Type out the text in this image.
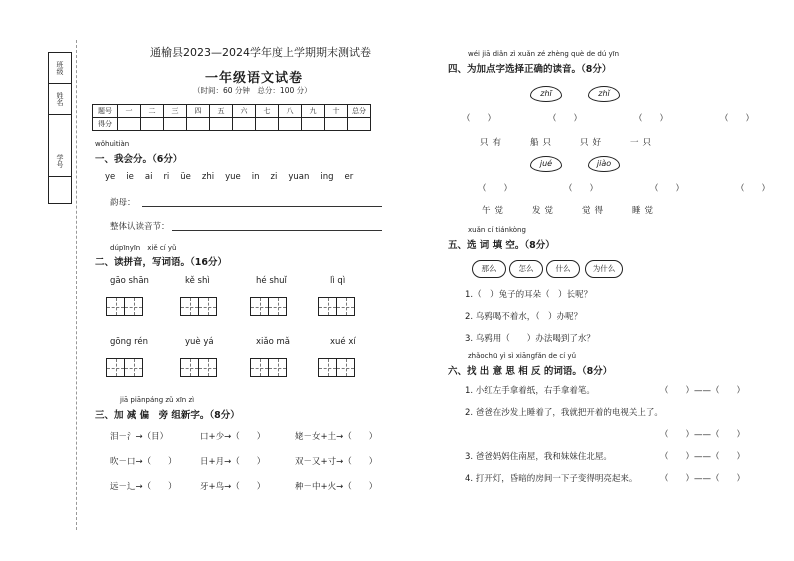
班级
姓名
学号
通榆县2023—2024学年度上学期期末测试卷
一年级语文试卷
（时间：60 分钟　总分：100 分）
题号	一	二	三	四	五	六	七	八	九	十	总分
得分											
wǒhuìtiàn
一、我会分。（6分）
ye ie ai ri üe zhi yue in zi yuan ing er
韵母：
整体认读音节：
dúpīnyīn　xiě cí yǔ
二、读拼音，写词语。（16分）
gāo shān	kě shì	hé shuǐ	lì qì
gōng rén	yuè yá	xiǎo mǎ	xué xí
jiā piānpáng zǔ xīn zì
三、加 减 偏　旁 组新字。（8分）
泪－氵→（目）	口+少→（　　）	姥－女+土→（　　）
吹－口→（　　）	日+月→（　　）	双－又+寸→（　　）
远－辶→（　　）	牙+鸟→（　　）	种－中+火→（　　）
wéi jiā diǎn zì xuǎn zé zhèng què de dú yīn
四、为加点字选择正确的读音。（8分）
zhī	zhǐ
（　　）	（　　）	（　　）	（　　）
只有　　船只　　只好　　一只
jué	jiào
（　　）	（　　）	（　　）	（　　）
午觉　　发觉　　觉得　　睡觉
xuǎn cí tiánkòng
五、选 词 填 空。（8分）
那么	怎么	什么	为什么
1.（　）兔子的耳朵（　）长呢？
2. 乌鸦喝不着水，（　）办呢？
3. 乌鸦用（　　）办法喝到了水？
zhǎochū yì sì xiāngfǎn de cí yǔ
六、找 出 意 思 相 反 的词语。（8分）
1. 小红左手拿着纸，右手拿着笔。	（　　）——（　　）
2. 爸爸在沙发上睡着了，我就把开着的电视关上了。
（　　）——（　　）
3. 爸爸妈妈住南屋，我和妹妹住北屋。	（　　）——（　　）
4. 打开灯，昏暗的房间一下子变得明亮起来。	（　　）——（　　）
